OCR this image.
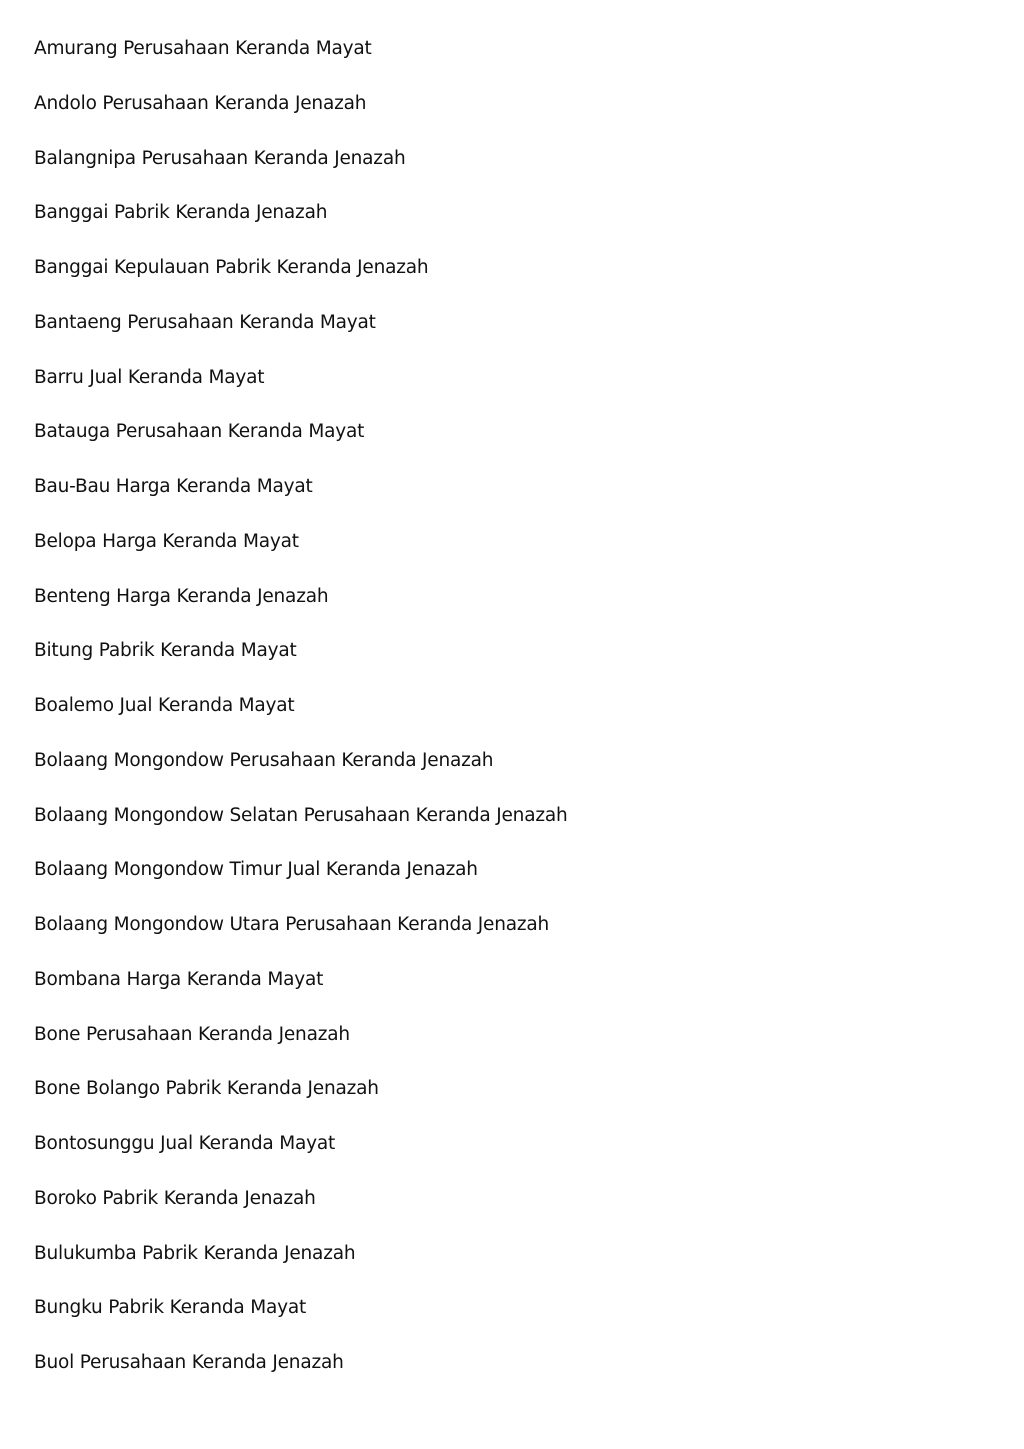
Amurang Perusahaan Keranda Mayat
Andolo Perusahaan Keranda Jenazah
Balangnipa Perusahaan Keranda Jenazah
Banggai Pabrik Keranda Jenazah
Banggai Kepulauan Pabrik Keranda Jenazah
Bantaeng Perusahaan Keranda Mayat
Barru Jual Keranda Mayat
Batauga Perusahaan Keranda Mayat
Bau-Bau Harga Keranda Mayat
Belopa Harga Keranda Mayat
Benteng Harga Keranda Jenazah
Bitung Pabrik Keranda Mayat
Boalemo Jual Keranda Mayat
Bolaang Mongondow Perusahaan Keranda Jenazah
Bolaang Mongondow Selatan Perusahaan Keranda Jenazah
Bolaang Mongondow Timur Jual Keranda Jenazah
Bolaang Mongondow Utara Perusahaan Keranda Jenazah
Bombana Harga Keranda Mayat
Bone Perusahaan Keranda Jenazah
Bone Bolango Pabrik Keranda Jenazah
Bontosunggu Jual Keranda Mayat
Boroko Pabrik Keranda Jenazah
Bulukumba Pabrik Keranda Jenazah
Bungku Pabrik Keranda Mayat
Buol Perusahaan Keranda Jenazah
